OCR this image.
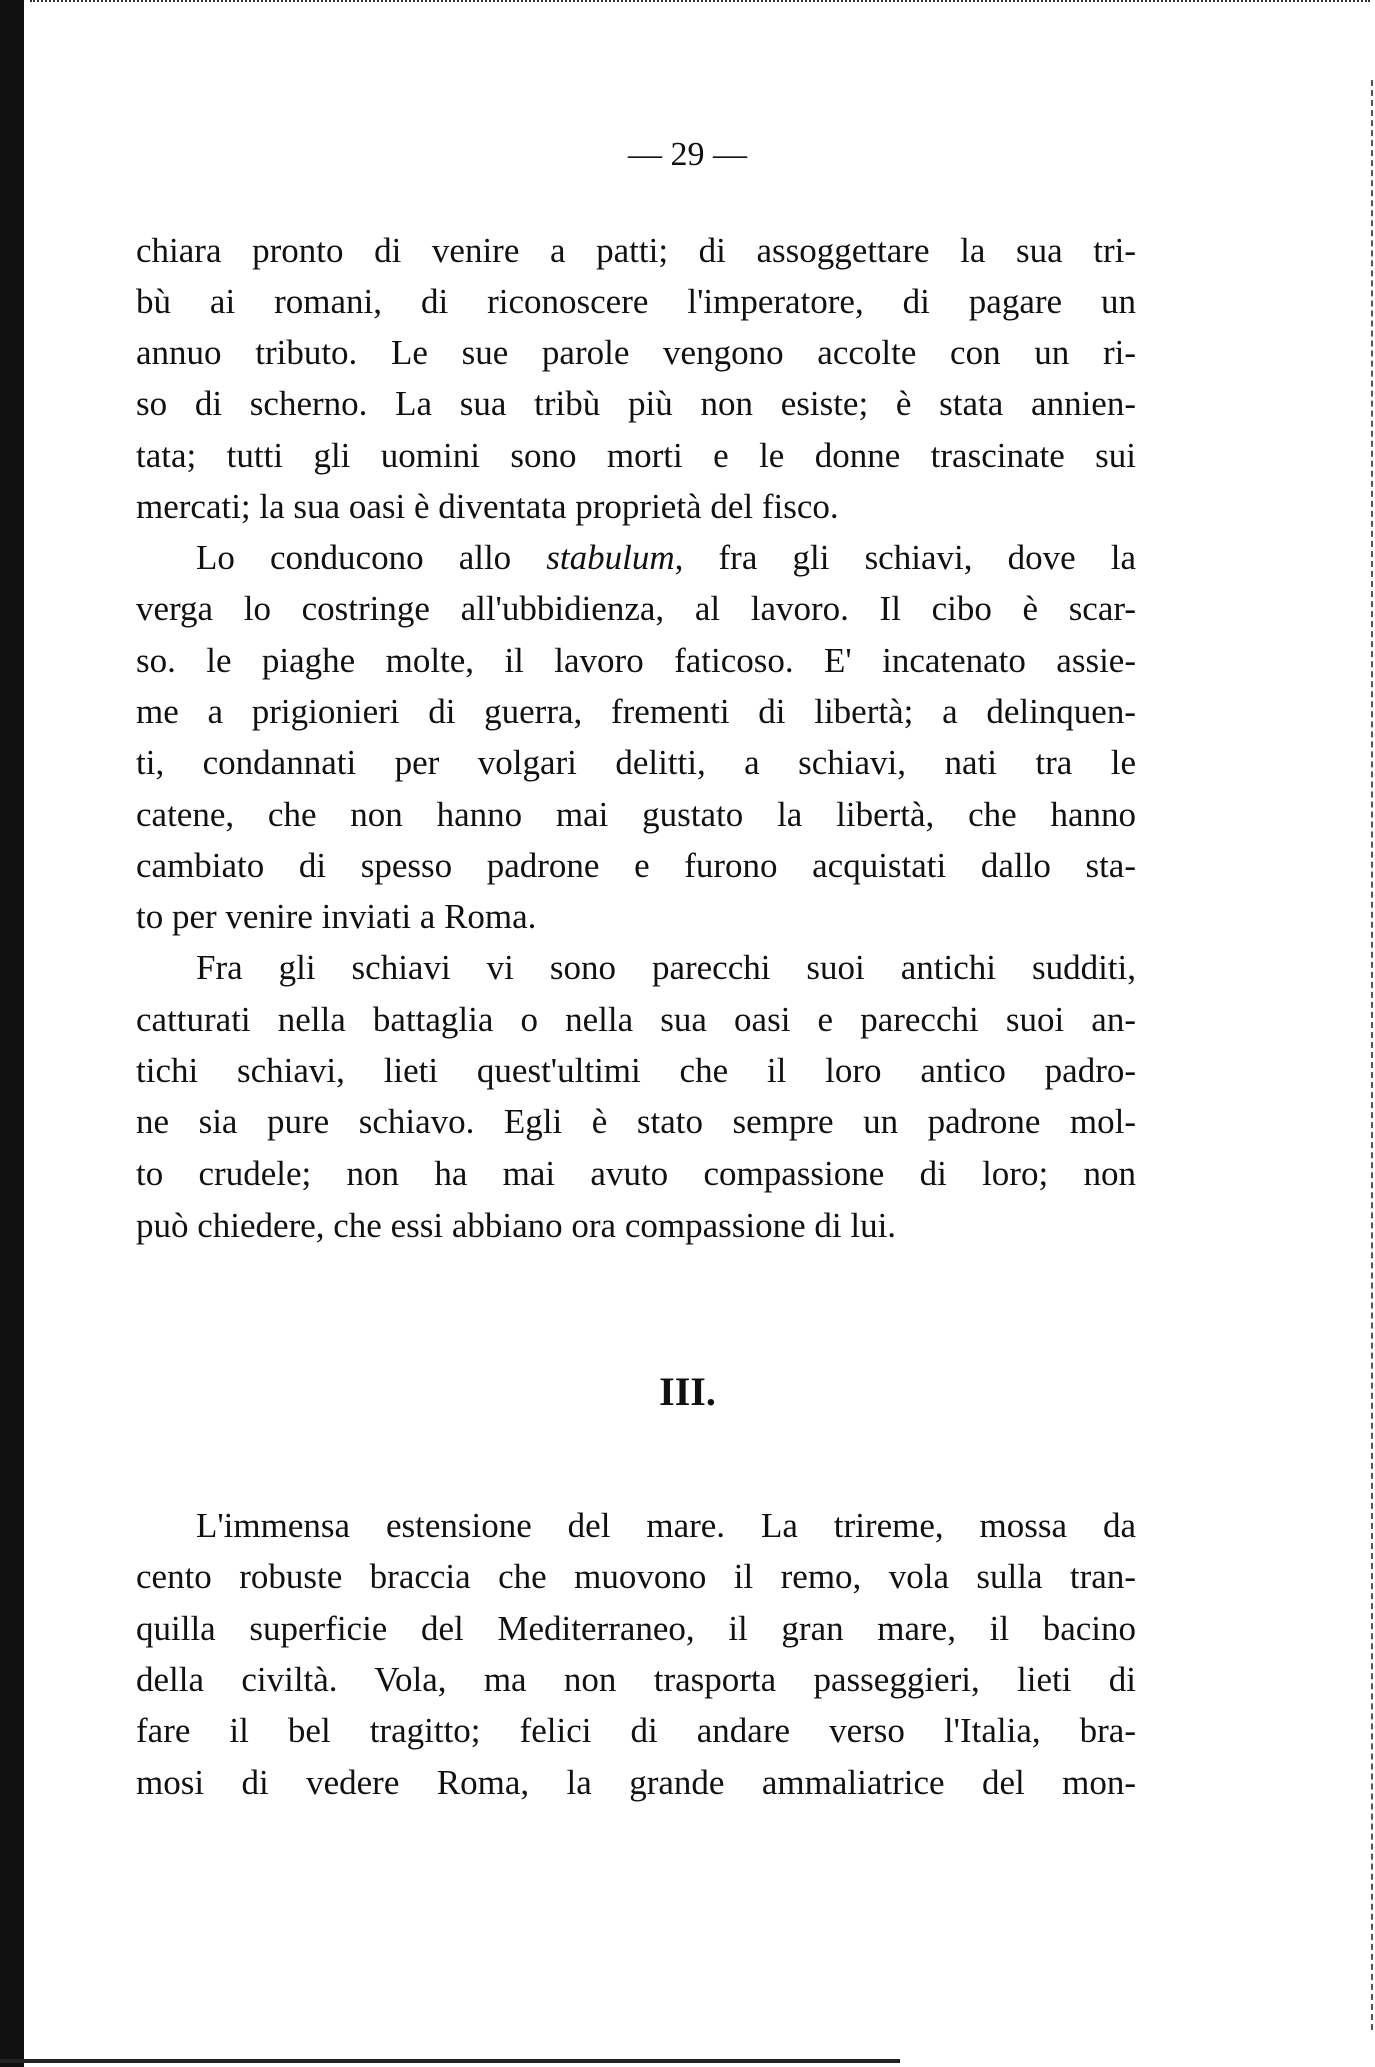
— 29 —
chiara pronto di venire a patti; di assoggettare la sua tri-
bù ai romani, di riconoscere l'imperatore, di pagare un
annuo tributo. Le sue parole vengono accolte con un ri-
so di scherno. La sua tribù più non esiste; è stata annien-
tata; tutti gli uomini sono morti e le donne trascinate sui
mercati; la sua oasi è diventata proprietà del fisco.
Lo conducono allo stabulum, fra gli schiavi, dove la
verga lo costringe all'ubbidienza, al lavoro. Il cibo è scar-
so. le piaghe molte, il lavoro faticoso. E' incatenato assie-
me a prigionieri di guerra, frementi di libertà; a delinquen-
ti, condannati per volgari delitti, a schiavi, nati tra le
catene, che non hanno mai gustato la libertà, che hanno
cambiato di spesso padrone e furono acquistati dallo sta-
to per venire inviati a Roma.
Fra gli schiavi vi sono parecchi suoi antichi sudditi,
catturati nella battaglia o nella sua oasi e parecchi suoi an-
tichi schiavi, lieti quest'ultimi che il loro antico padro-
ne sia pure schiavo. Egli è stato sempre un padrone mol-
to crudele; non ha mai avuto compassione di loro; non
può chiedere, che essi abbiano ora compassione di lui.
III.
L'immensa estensione del mare. La trireme, mossa da
cento robuste braccia che muovono il remo, vola sulla tran-
quilla superficie del Mediterraneo, il gran mare, il bacino
della civiltà. Vola, ma non trasporta passeggieri, lieti di
fare il bel tragitto; felici di andare verso l'Italia, bra-
mosi di vedere Roma, la grande ammaliatrice del mon-
